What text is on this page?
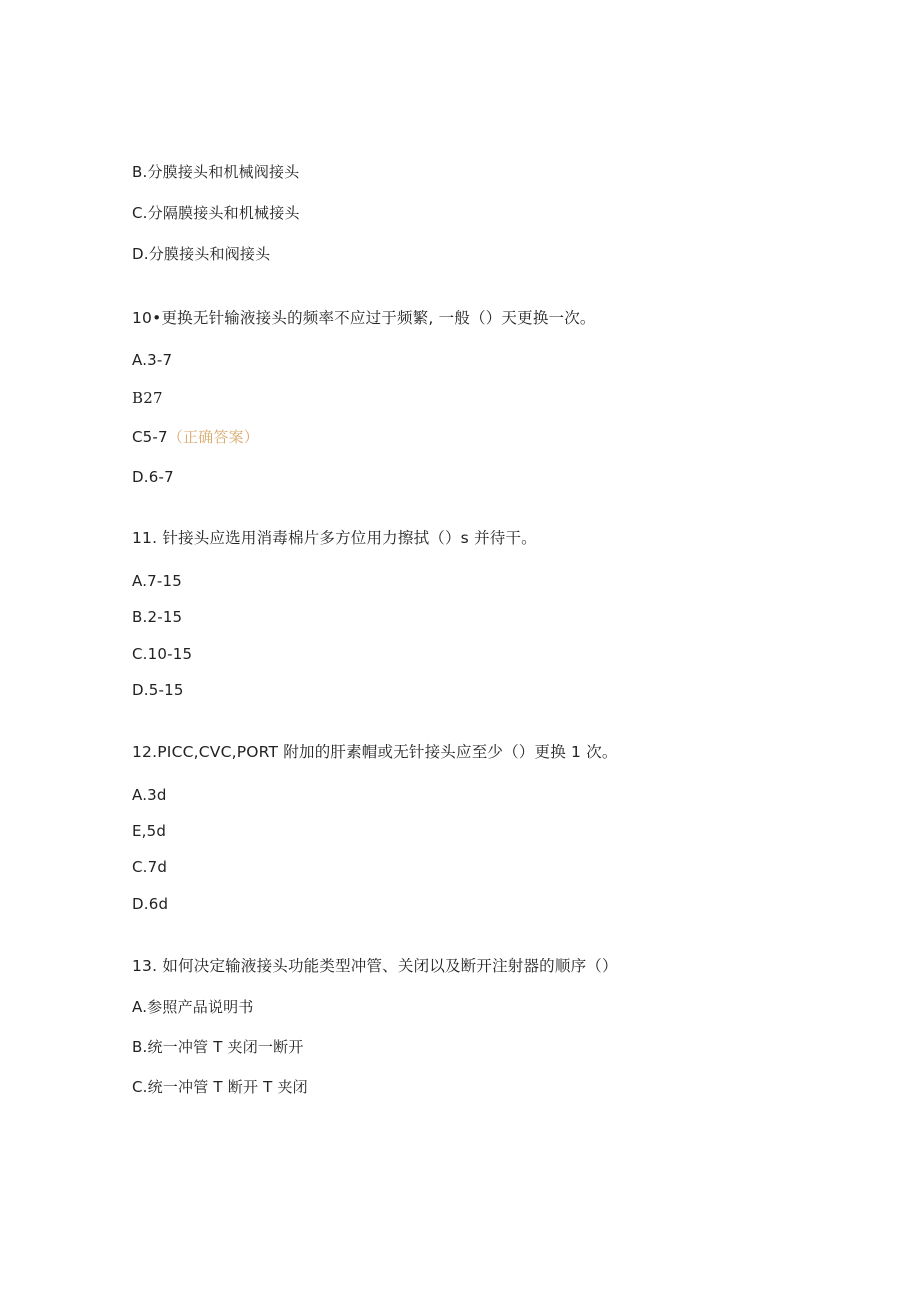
B.分膜接头和机械阀接头
C.分隔膜接头和机械接头
D.分膜接头和阀接头
10•更换无针输液接头的频率不应过于频繁, 一般（）天更换一次。
A.3-7
B27
C5-7（正确答案）
D.6-7
11. 针接头应选用消毒棉片多方位用力擦拭（）s 并待干。
A.7-15
B.2-15
C.10-15
D.5-15
12.PICC,CVC,PORT 附加的肝素帽或无针接头应至少（）更换 1 次。
A.3d
E,5d
C.7d
D.6d
13. 如何决定输液接头功能类型冲管、关闭以及断开注射器的顺序（）
A.参照产品说明书
B.统一冲管 T 夹闭一断开
C.统一冲管 T 断开 T 夹闭
